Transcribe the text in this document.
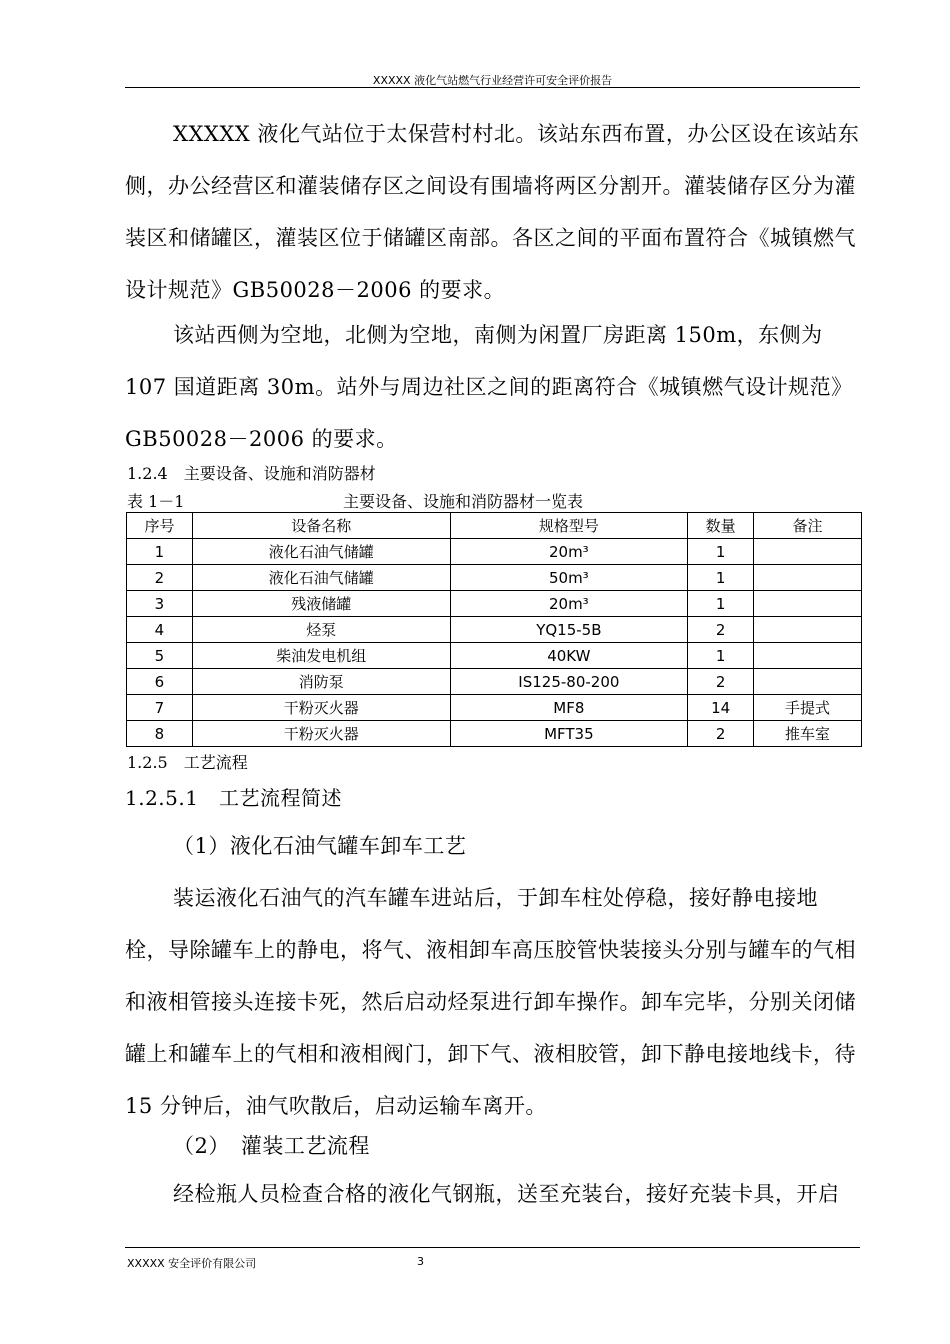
XXXXX 液化气站燃气行业经营许可安全评价报告
XXXXX 液化气站位于太保营村村北。该站东西布置，办公区设在该站东侧，办公经营区和灌装储存区之间设有围墙将两区分割开。灌装储存区分为灌装区和储罐区，灌装区位于储罐区南部。各区之间的平面布置符合《城镇燃气设计规范》GB50028－2006 的要求。
该站西侧为空地，北侧为空地，南侧为闲置厂房距离 150m，东侧为 107 国道距离 30m。站外与周边社区之间的距离符合《城镇燃气设计规范》GB50028－2006 的要求。
1.2.4　主要设备、设施和消防器材
表 1－1	主要设备、设施和消防器材一览表
序号	设备名称	规格型号	数量	备注
1	液化石油气储罐	20m³	1	
2	液化石油气储罐	50m³	1	
3	残液储罐	20m³	1	
4	烃泵	YQ15-5B	2	
5	柴油发电机组	40KW	1	
6	消防泵	IS125-80-200	2	
7	干粉灭火器	MF8	14	手提式
8	干粉灭火器	MFT35	2	推车室
1.2.5　工艺流程
1.2.5.1　工艺流程简述
（1）液化石油气罐车卸车工艺
装运液化石油气的汽车罐车进站后，于卸车柱处停稳，接好静电接地栓，导除罐车上的静电，将气、液相卸车高压胶管快装接头分别与罐车的气相和液相管接头连接卡死，然后启动烃泵进行卸车操作。卸车完毕，分别关闭储罐上和罐车上的气相和液相阀门，卸下气、液相胶管，卸下静电接地线卡，待 15 分钟后，油气吹散后，启动运输车离开。
（2）　灌装工艺流程
经检瓶人员检查合格的液化气钢瓶，送至充装台，接好充装卡具，开启
XXXXX 安全评价有限公司	3
